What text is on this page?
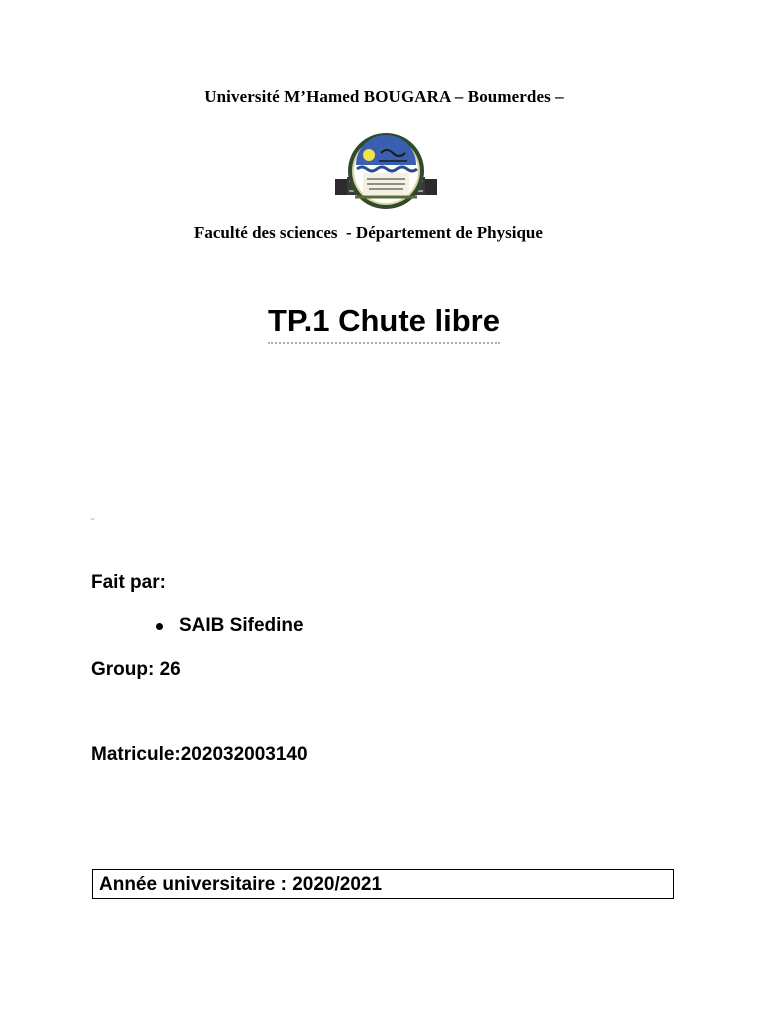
Université M’Hamed BOUGARA – Boumerdes –
Faculté des sciences  - Département de Physique
TP.1 Chute libre
~
Fait par:
SAIB Sifedine
Group: 26
Matricule:202032003140
Année universitaire : 2020/2021
